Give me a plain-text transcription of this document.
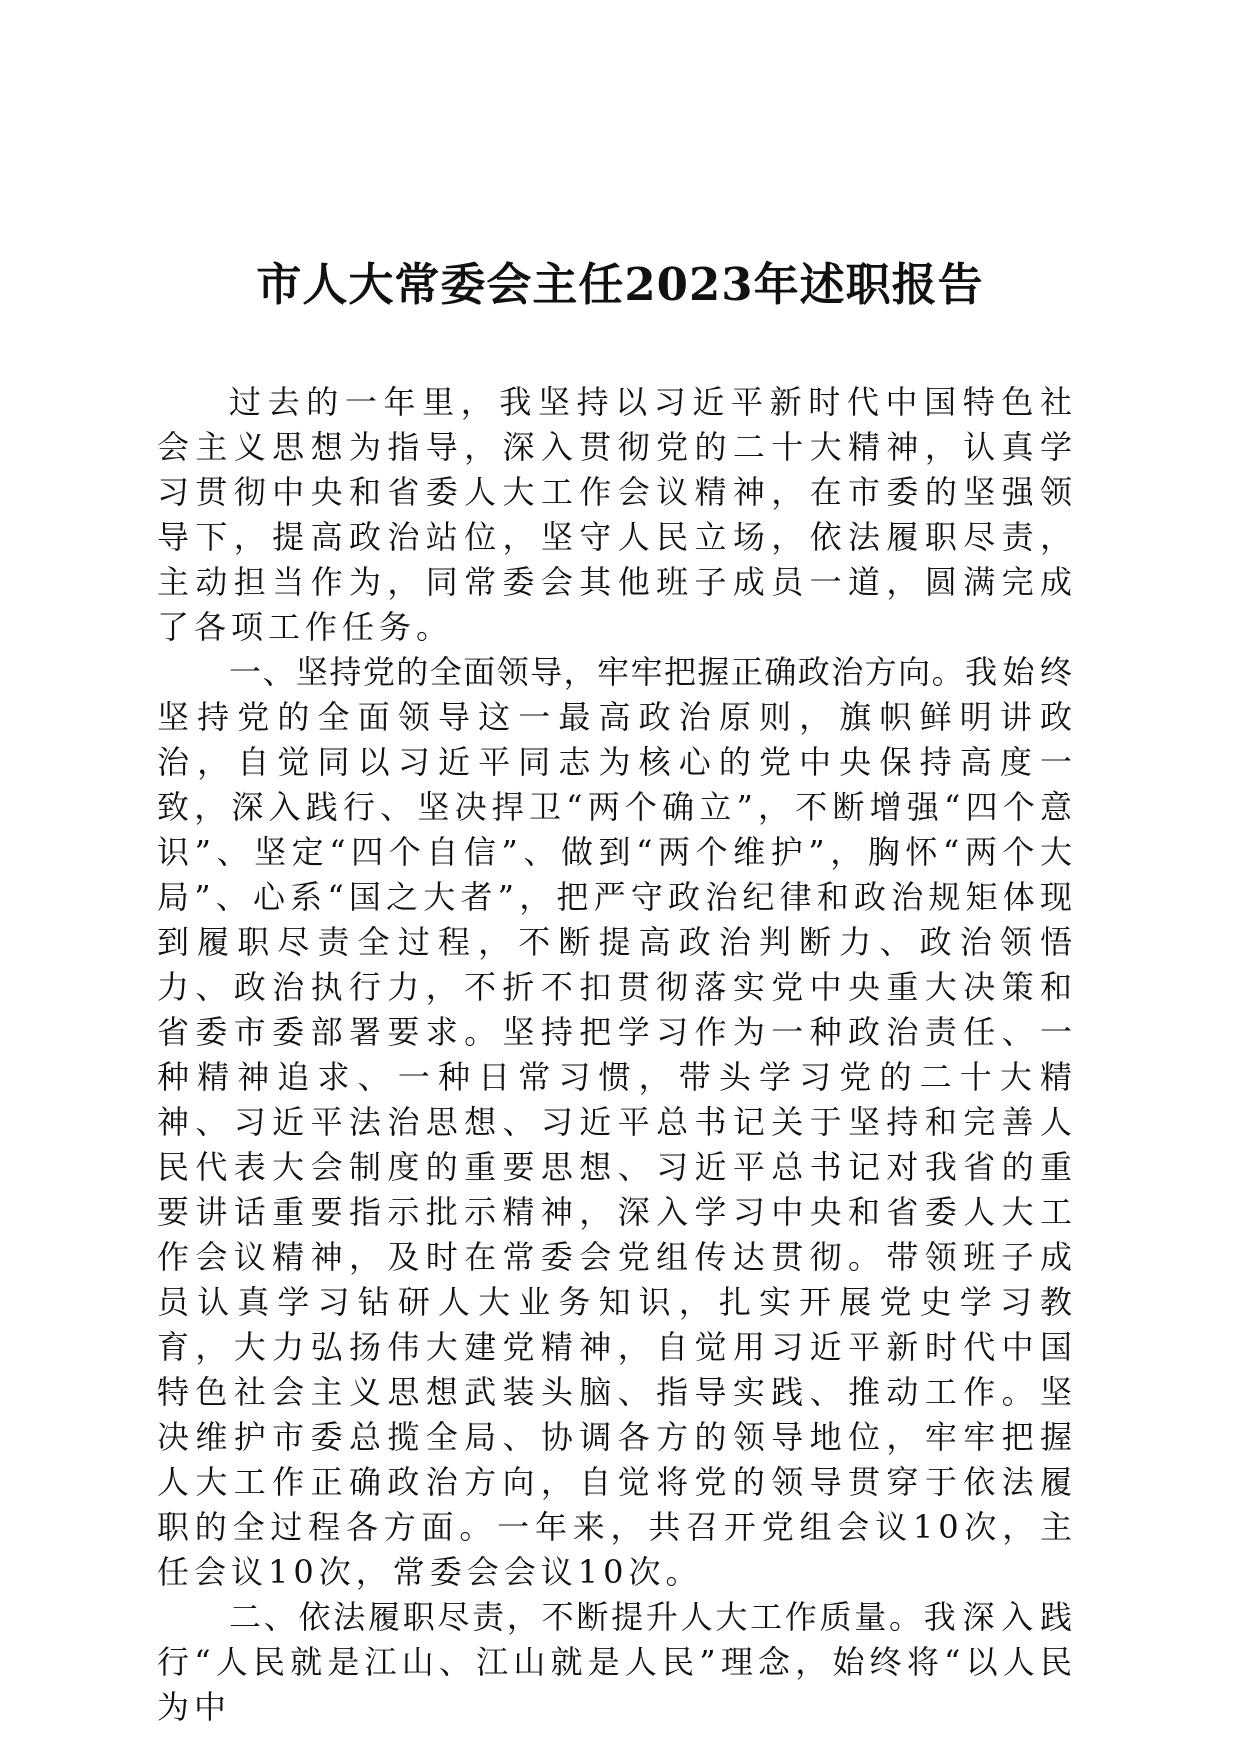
市人大常委会主任2023年述职报告

过去的一年里，我坚持以习近平新时代中国特色社会主义思想为指导，深入贯彻党的二十大精神，认真学习贯彻中央和省委人大工作会议精神，在市委的坚强领导下，提高政治站位，坚守人民立场，依法履职尽责，主动担当作为，同常委会其他班子成员一道，圆满完成了各项工作任务。

一、坚持党的全面领导，牢牢把握正确政治方向。我始终坚持党的全面领导这一最高政治原则，旗帜鲜明讲政治，自觉同以习近平同志为核心的党中央保持高度一致，深入践行、坚决捍卫“两个确立”，不断增强“四个意识”、坚定“四个自信”、做到“两个维护”，胸怀“两个大局”、心系“国之大者”，把严守政治纪律和政治规矩体现到履职尽责全过程，不断提高政治判断力、政治领悟力、政治执行力，不折不扣贯彻落实党中央重大决策和省委市委部署要求。坚持把学习作为一种政治责任、一种精神追求、一种日常习惯，带头学习党的二十大精神、习近平法治思想、习近平总书记关于坚持和完善人民代表大会制度的重要思想、习近平总书记对我省的重要讲话重要指示批示精神，深入学习中央和省委人大工作会议精神，及时在常委会党组传达贯彻。带领班子成员认真学习钻研人大业务知识，扎实开展党史学习教育，大力弘扬伟大建党精神，自觉用习近平新时代中国特色社会主义思想武装头脑、指导实践、推动工作。坚决维护市委总揽全局、协调各方的领导地位，牢牢把握人大工作正确政治方向，自觉将党的领导贯穿于依法履职的全过程各方面。一年来，共召开党组会议10次，主任会议10次，常委会会议10次。

二、依法履职尽责，不断提升人大工作质量。我深入践行“人民就是江山、江山就是人民”理念，始终将“以人民为中
